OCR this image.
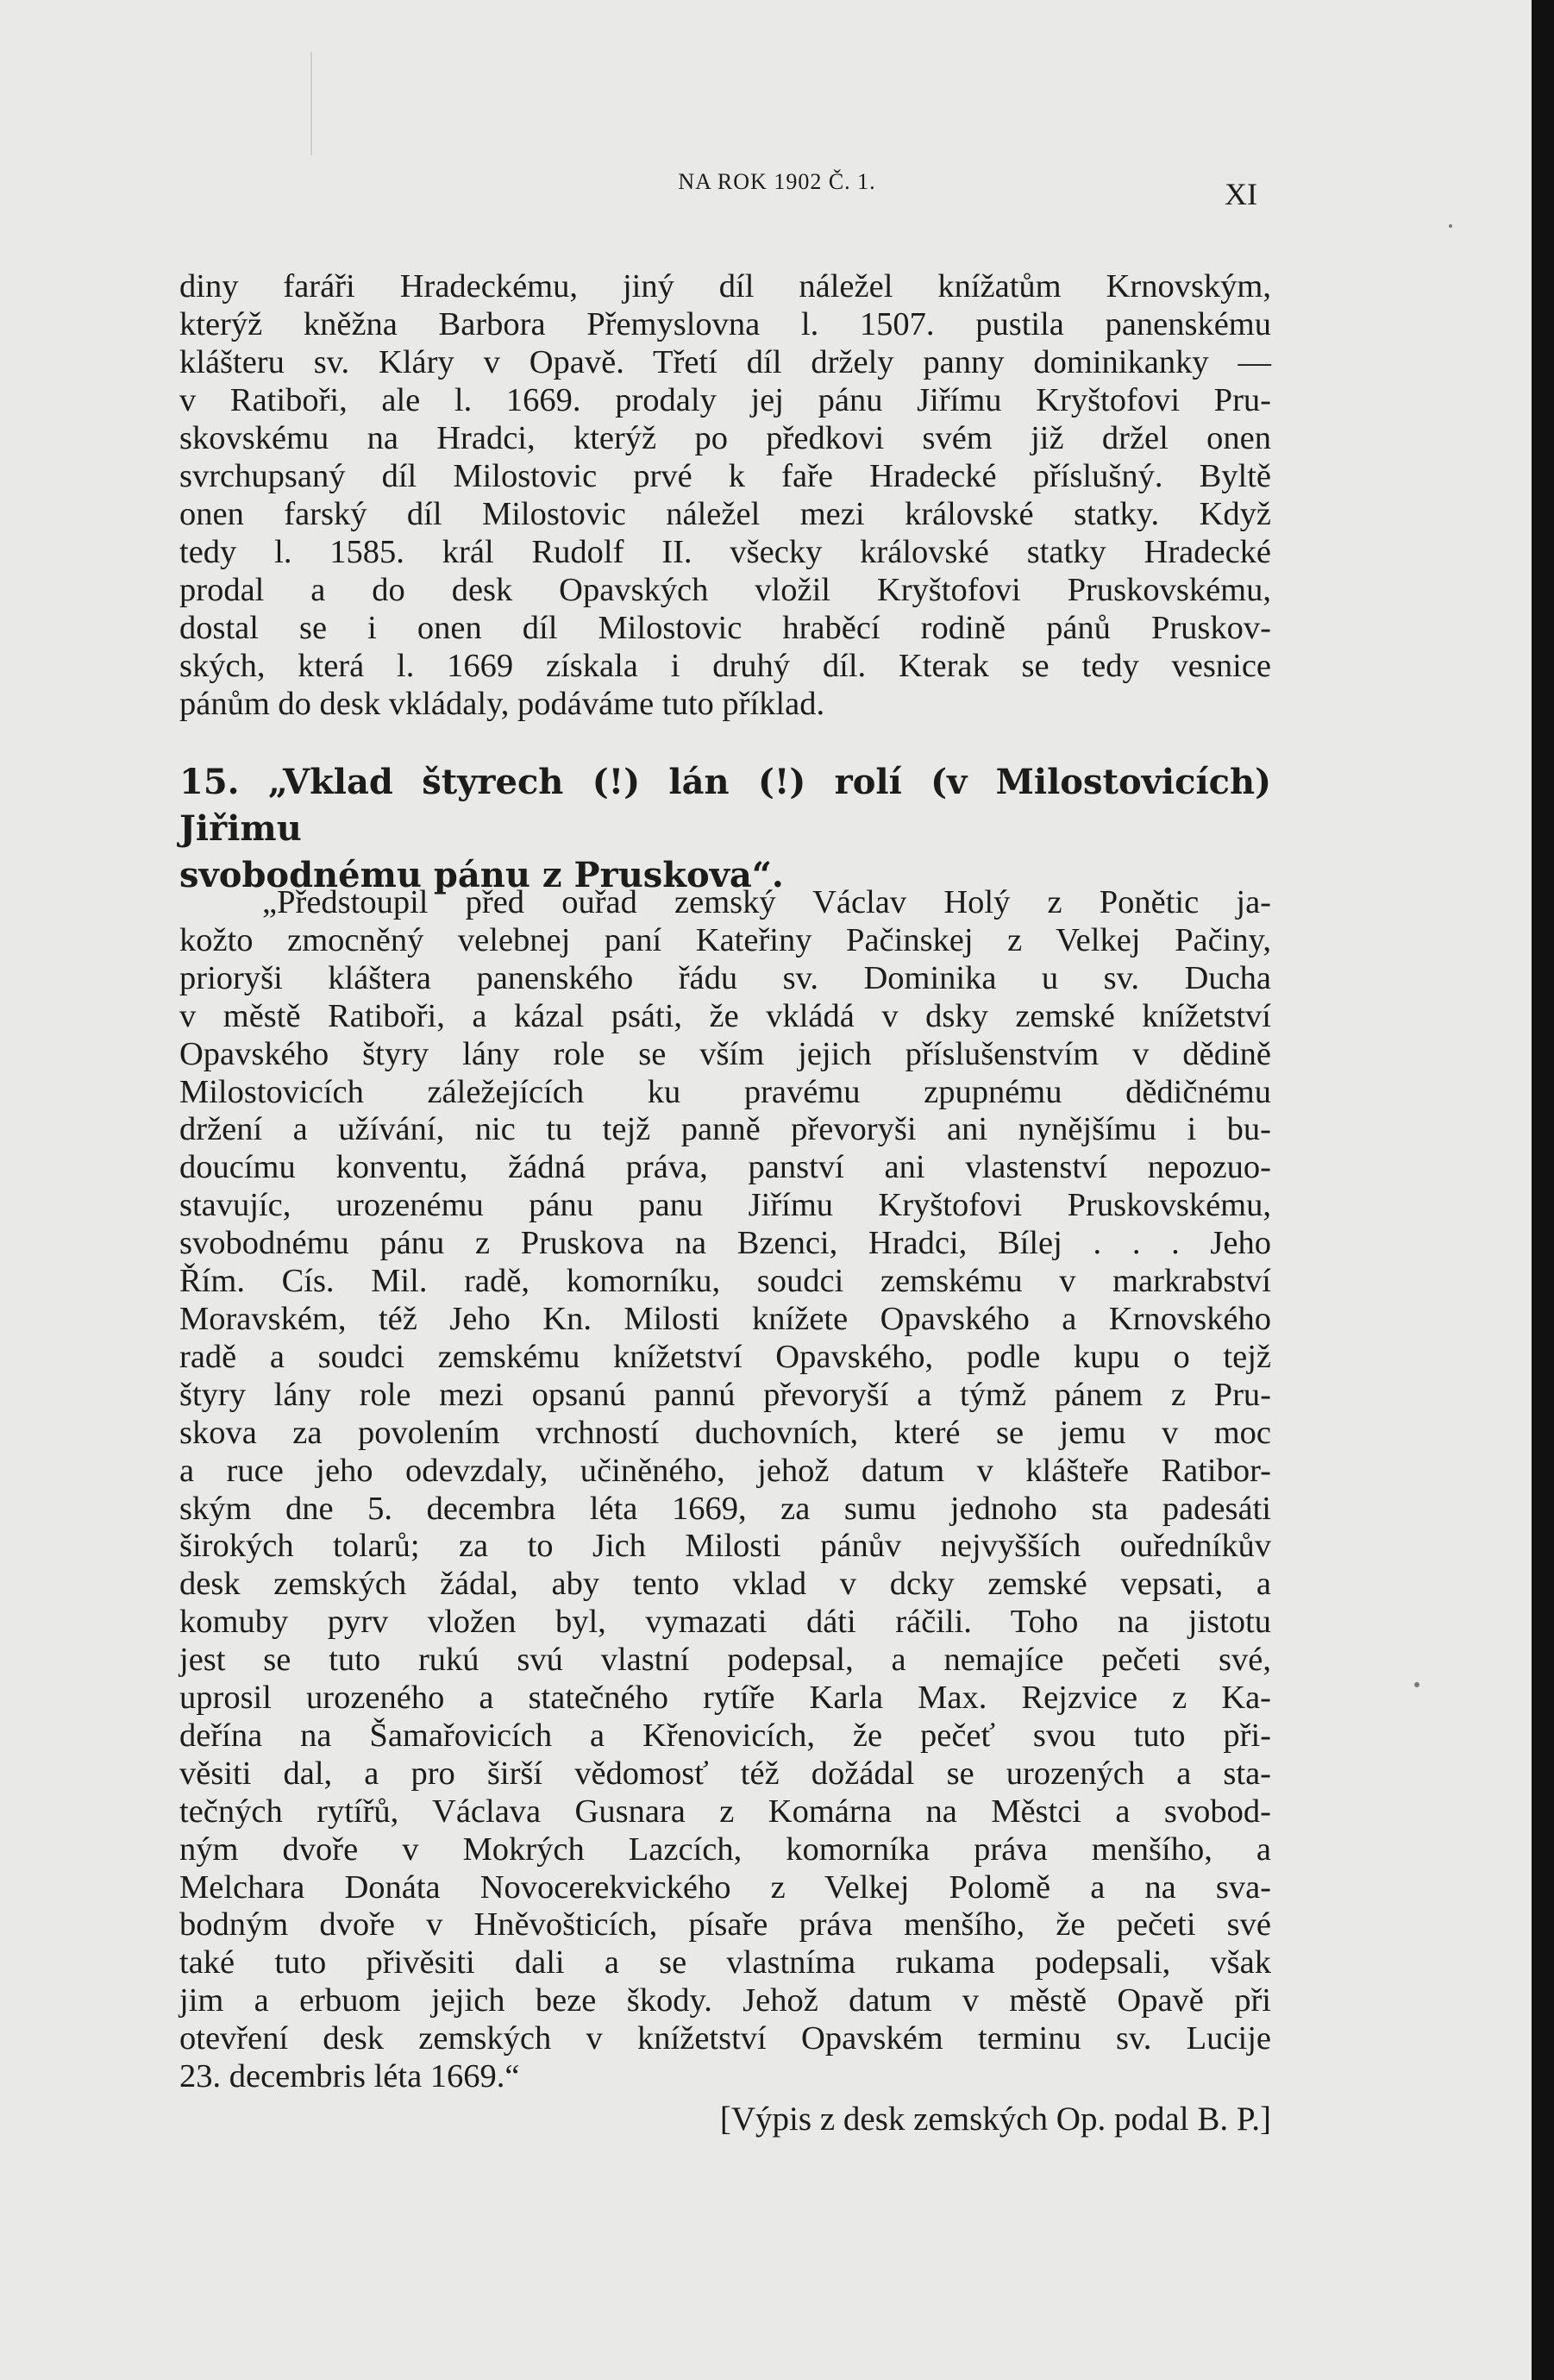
NA ROK 1902 Č. 1.	XI
diny faráři Hradeckému, jiný díl náležel knížatům Krnovským,
kterýž kněžna Barbora Přemyslovna l. 1507. pustila panenskému
klášteru sv. Kláry v Opavě. Třetí díl držely panny dominikanky —
v Ratiboři, ale l. 1669. prodaly jej pánu Jiřímu Kryštofovi Pru-
skovskému na Hradci, kterýž po předkovi svém již držel onen
svrchupsaný díl Milostovic prvé k faře Hradecké příslušný. Byltě
onen farský díl Milostovic náležel mezi královské statky. Když
tedy l. 1585. král Rudolf II. všecky královské statky Hradecké
prodal a do desk Opavských vložil Kryštofovi Pruskovskému,
dostal se i onen díl Milostovic hraběcí rodině pánů Pruskov-
ských, která l. 1669 získala i druhý díl. Kterak se tedy vesnice
pánům do desk vkládaly, podáváme tuto příklad.
15. „Vklad štyrech (!) lán (!) rolí (v Milostovicích) Jiřimu
svobodnému pánu z Pruskova“.
„Předstoupil před ouřad zemský Václav Holý z Ponětic ja-
kožto zmocněný velebnej paní Kateřiny Pačinskej z Velkej Pačiny,
prioryši kláštera panenského řádu sv. Dominika u sv. Ducha
v městě Ratiboři, a kázal psáti, že vkládá v dsky zemské knížetství
Opavského štyry lány role se vším jejich příslušenstvím v dědině
Milostovicích záležejících ku pravému zpupnému dědičnému
držení a užívání, nic tu tejž panně převoryši ani nynějšímu i bu-
doucímu konventu, žádná práva, panství ani vlastenství nepozuo-
stavujíc, urozenému pánu panu Jiřímu Kryštofovi Pruskovskému,
svobodnému pánu z Pruskova na Bzenci, Hradci, Bílej . . . Jeho
Řím. Cís. Mil. radě, komorníku, soudci zemskému v markrabství
Moravském, též Jeho Kn. Milosti knížete Opavského a Krnovského
radě a soudci zemskému knížetství Opavského, podle kupu o tejž
štyry lány role mezi opsanú pannú převoryší a týmž pánem z Pru-
skova za povolením vrchností duchovních, které se jemu v moc
a ruce jeho odevzdaly, učiněného, jehož datum v klášteře Ratibor-
ským dne 5. decembra léta 1669, za sumu jednoho sta padesáti
širokých tolarů; za to Jich Milosti pánův nejvyšších ouředníkův
desk zemských žádal, aby tento vklad v dcky zemské vepsati, a
komuby pyrv vložen byl, vymazati dáti ráčili. Toho na jistotu
jest se tuto rukú svú vlastní podepsal, a nemajíce pečeti své,
uprosil urozeného a statečného rytíře Karla Max. Rejzvice z Ka-
deřína na Šamařovicích a Křenovicích, že pečeť svou tuto při-
věsiti dal, a pro širší vědomosť též dožádal se urozených a sta-
tečných rytířů, Václava Gusnara z Komárna na Městci a svobod-
ným dvoře v Mokrých Lazcích, komorníka práva menšího, a
Melchara Donáta Novocerekvického z Velkej Polomě a na sva-
bodným dvoře v Hněvošticích, písaře práva menšího, že pečeti své
také tuto přivěsiti dali a se vlastníma rukama podepsali, však
jim a erbuom jejich beze škody. Jehož datum v městě Opavě při
otevření desk zemských v knížetství Opavském terminu sv. Lucije
23. decembris léta 1669.“
[Výpis z desk zemských Op. podal B. P.]
